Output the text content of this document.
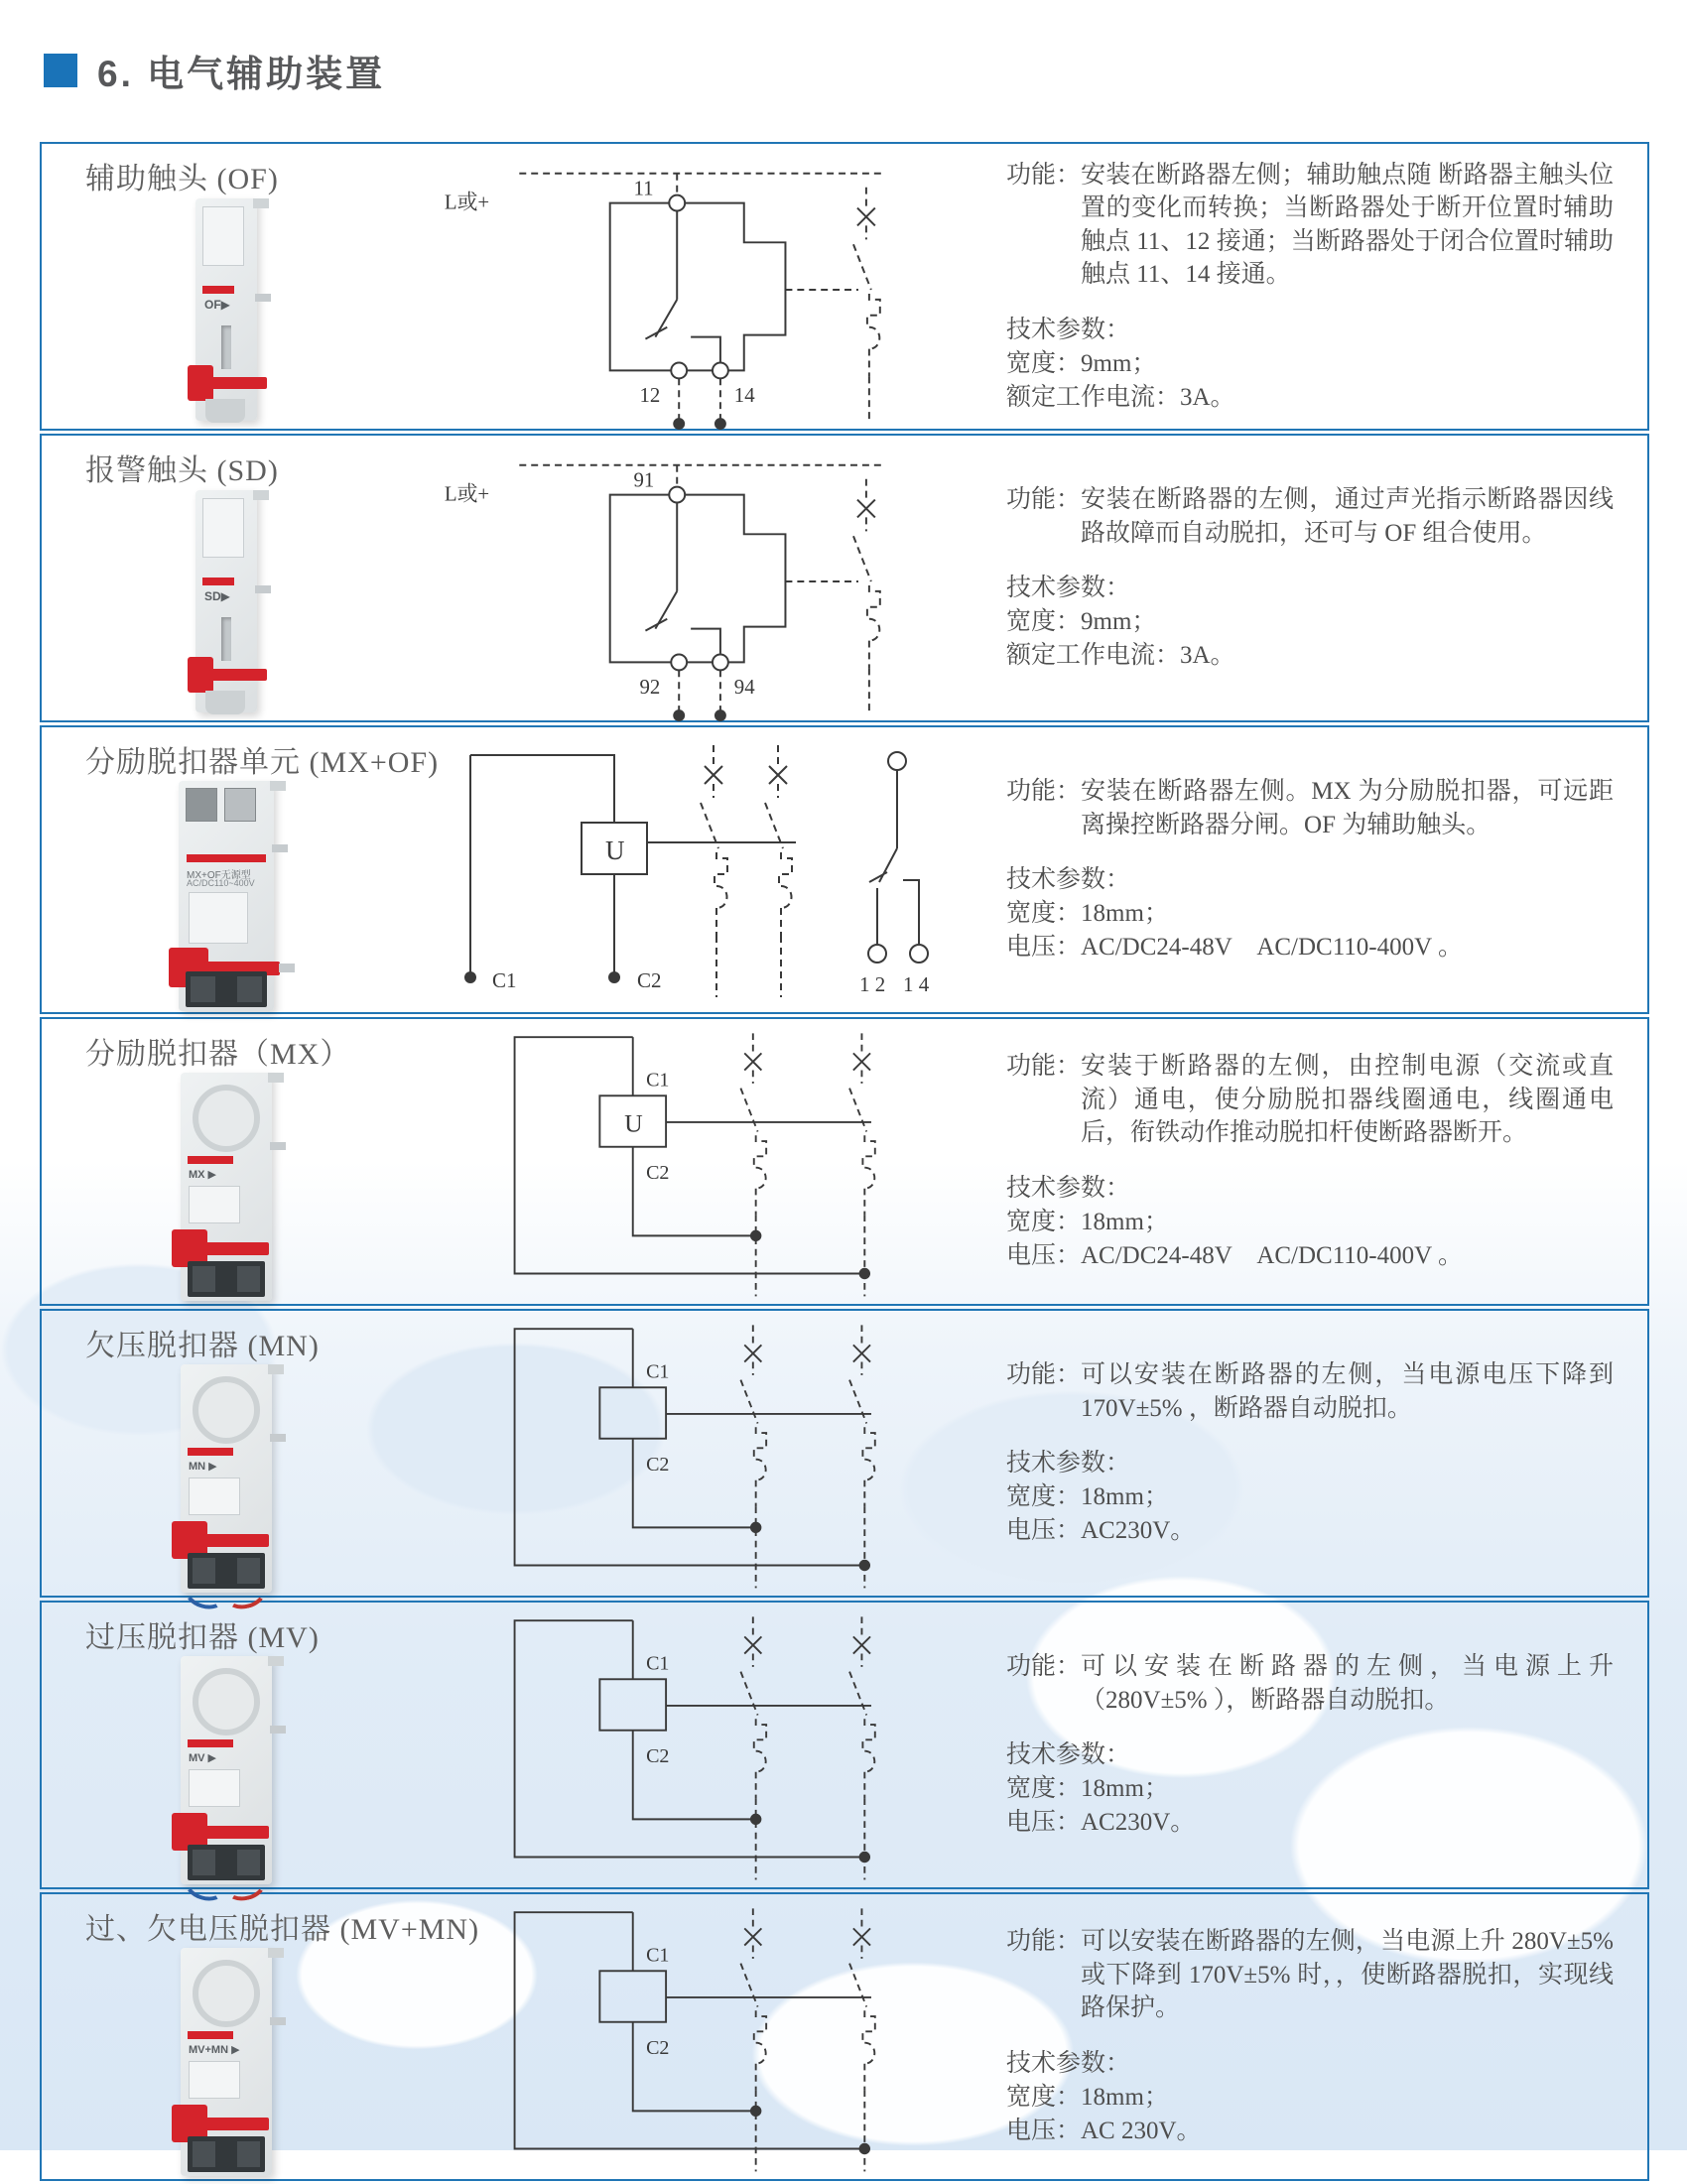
6. 电气辅助装置
辅助触头 (OF)
OF▶
L或+
11
12	14
功能： 安装在断路器左侧；辅助触点随 断路器主触头位置的变化而转换；当断路器处于断开位置时辅助触点 11、12 接通；当断路器处于闭合位置时辅助触点 11、14 接通。

技术参数：

宽度：9mm；

额定工作电流：3A。

报警触头 (SD)
SD▶
L或+
91
92	94
功能： 安装在断路器的左侧，通过声光指示断路器因线路故障而自动脱扣，还可与 OF 组合使用。

技术参数：

宽度：9mm；

额定工作电流：3A。

分励脱扣器单元 (MX+OF)
MX+OF无源型
AC/DC110~400V
U
C1	C2	1 2 1 4
功能： 安装在断路器左侧。MX 为分励脱扣器，可远距离操控断路器分闸。OF 为辅助触头。

技术参数：

宽度：18mm；

电压：AC/DC24-48V　AC/DC110-400V 。

分励脱扣器（MX）
MX ▶
U
C1
C2
功能： 安装于断路器的左侧，由控制电源（交流或直流）通电，使分励脱扣器线圈通电，线圈通电后，衔铁动作推动脱扣杆使断路器断开。

技术参数：

宽度：18mm；

电压：AC/DC24-48V　AC/DC110-400V 。

欠压脱扣器 (MN)
MN ▶
C1
C2
功能： 可以安装在断路器的左侧，当电源电压下降到 170V±5% ，断路器自动脱扣。

技术参数：

宽度：18mm；

电压：AC230V。

过压脱扣器 (MV)
MV ▶
C1
C2
功能： 可以安装在断路器的左侧，当电源上升（280V±5% ），断路器自动脱扣。

技术参数：

宽度：18mm；

电压：AC230V。

过、欠电压脱扣器 (MV+MN)
MV+MN ▶
C1
C2
功能： 可以安装在断路器的左侧，当电源上升 280V±5% 或下降到 170V±5% 时，，使断路器脱扣，实现线路保护。

技术参数：

宽度：18mm；

电压：AC 230V。
